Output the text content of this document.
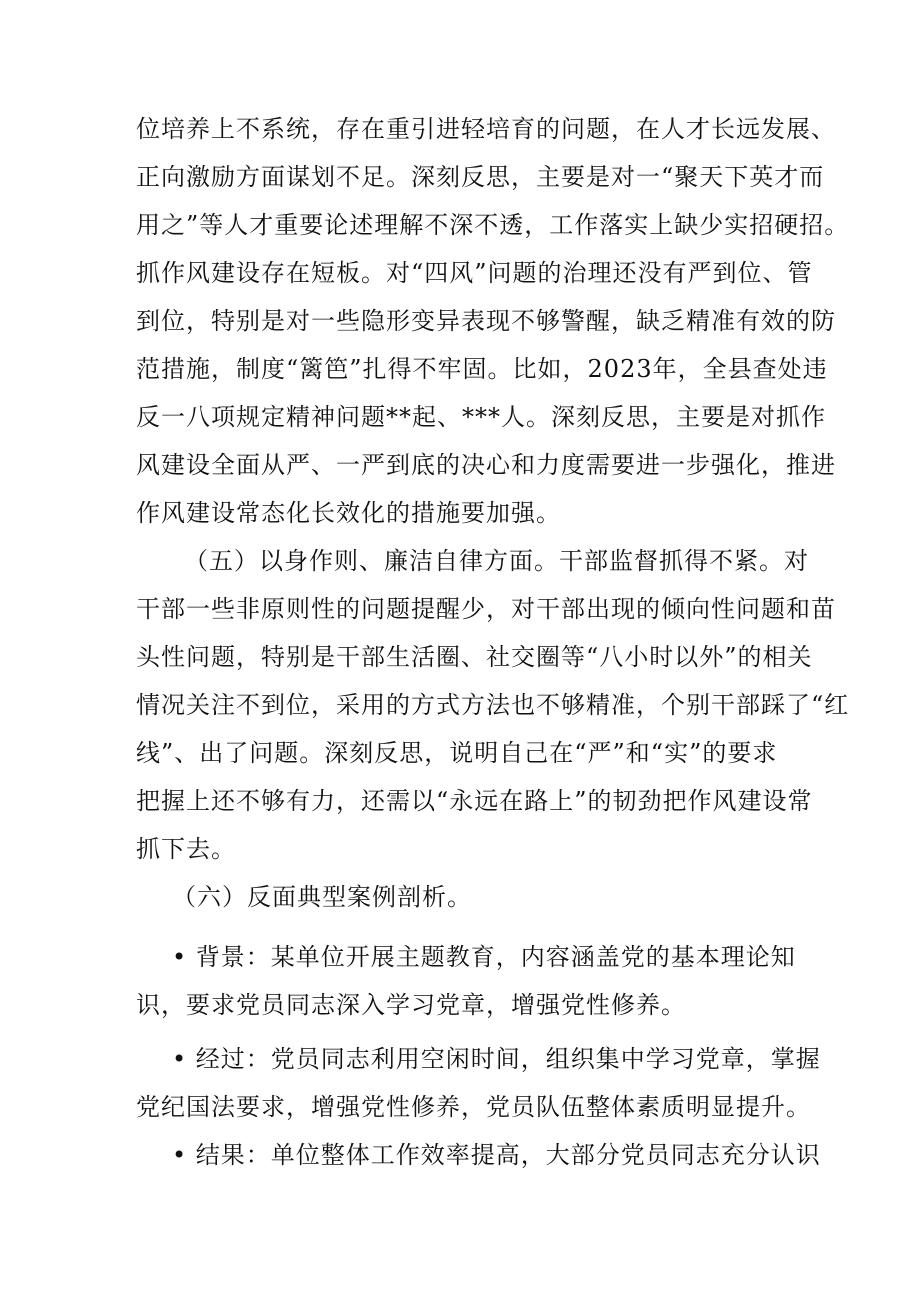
位培养上不系统，存在重引进轻培育的问题，在人才长远发展、
正向激励方面谋划不足。深刻反思，主要是对一“聚天下英才而
用之”等人才重要论述理解不深不透，工作落实上缺少实招硬招。
抓作风建设存在短板。对“四风”问题的治理还没有严到位、管
到位，特别是对一些隐形变异表现不够警醒，缺乏精准有效的防
范措施，制度“篱笆”扎得不牢固。比如，2023年，全县查处违
反一八项规定精神问题**起、***人。深刻反思，主要是对抓作
风建设全面从严、一严到底的决心和力度需要进一步强化，推进
作风建设常态化长效化的措施要加强。
（五）以身作则、廉洁自律方面。干部监督抓得不紧。对
干部一些非原则性的问题提醒少，对干部出现的倾向性问题和苗
头性问题，特别是干部生活圈、社交圈等“八小时以外”的相关
情况关注不到位，采用的方式方法也不够精准，个别干部踩了“红
线”、出了问题。深刻反思，说明自己在“严”和“实”的要求
把握上还不够有力，还需以“永远在路上”的韧劲把作风建设常
抓下去。
（六）反面典型案例剖析。
• 背景：某单位开展主题教育，内容涵盖党的基本理论知
识，要求党员同志深入学习党章，增强党性修养。
• 经过：党员同志利用空闲时间，组织集中学习党章，掌握
党纪国法要求，增强党性修养，党员队伍整体素质明显提升。
• 结果：单位整体工作效率提高，大部分党员同志充分认识
